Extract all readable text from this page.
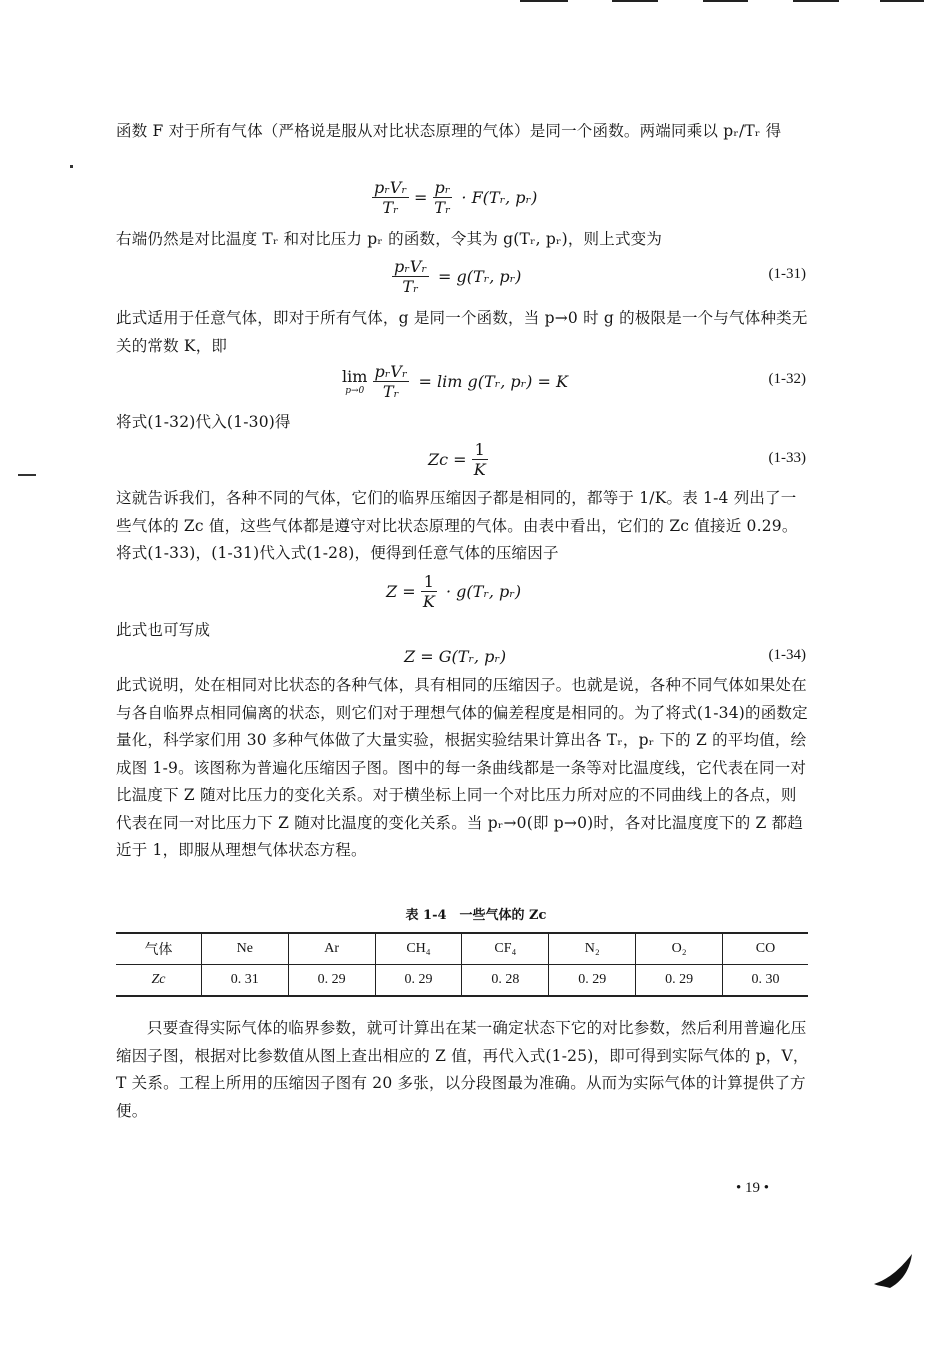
函数 F 对于所有气体（严格说是服从对比状态原理的气体）是同一个函数。两端同乘以 pᵣ/Tᵣ 得
pᵣVᵣ
Tᵣ
= $\frac{\text{pᵣ}}{\text{Tᵣ}}$ · F(Tᵣ, pᵣ)
右端仍然是对比温度 Tᵣ 和对比压力 pᵣ 的函数，令其为 g(Tᵣ, pᵣ)，则上式变为
pᵣVᵣ
Tᵣ
= g(Tᵣ, pᵣ)	(1-31)
此式适用于任意气体，即对于所有气体，g 是同一个函数，当 p→0 时 g 的极限是一个与气体种类无关的常数 K，即
lim
p→0

pᵣVᵣ
Tᵣ
= lim g(Tᵣ, pᵣ) = K	(1-32)
将式(1-32)代入(1-30)得
$Zc = \frac{1}{K}$	(1-33)
这就告诉我们，各种不同的气体，它们的临界压缩因子都是相同的，都等于 1/K。表 1-4 列出了一些气体的 Zc 值，这些气体都是遵守对比状态原理的气体。由表中看出，它们的 Zc 值接近 0.29。将式(1-33)，(1-31)代入式(1-28)，便得到任意气体的压缩因子
$Z = \frac{1}{K}$ · g(Tᵣ, pᵣ)
此式也可写成
Z = G(Tᵣ, pᵣ)	(1-34)
此式说明，处在相同对比状态的各种气体，具有相同的压缩因子。也就是说，各种不同气体如果处在与各自临界点相同偏离的状态，则它们对于理想气体的偏差程度是相同的。为了将式(1-34)的函数定量化，科学家们用 30 多种气体做了大量实验，根据实验结果计算出各 Tᵣ，pᵣ 下的 Z 的平均值，绘成图 1-9。该图称为普遍化压缩因子图。图中的每一条曲线都是一条等对比温度线，它代表在同一对比温度下 Z 随对比压力的变化关系。对于横坐标上同一个对比压力所对应的不同曲线上的各点，则代表在同一对比压力下 Z 随对比温度的变化关系。当 pᵣ→0(即 p→0)时，各对比温度度下的 Z 都趋近于 1，即服从理想气体状态方程。
表 1-4　一些气体的 Zc
气体	Ne	Ar	CH₄	CF₄	N₂	O₂	CO
Zc	0. 31	0. 29	0. 29	0. 28	0. 29	0. 29	0. 30
只要查得实际气体的临界参数，就可计算出在某一确定状态下它的对比参数，然后利用普遍化压缩因子图，根据对比参数值从图上查出相应的 Z 值，再代入式(1-25)，即可得到实际气体的 p，V，T 关系。工程上所用的压缩因子图有 20 多张，以分段图最为准确。从而为实际气体的计算提供了方便。
• 19 •
